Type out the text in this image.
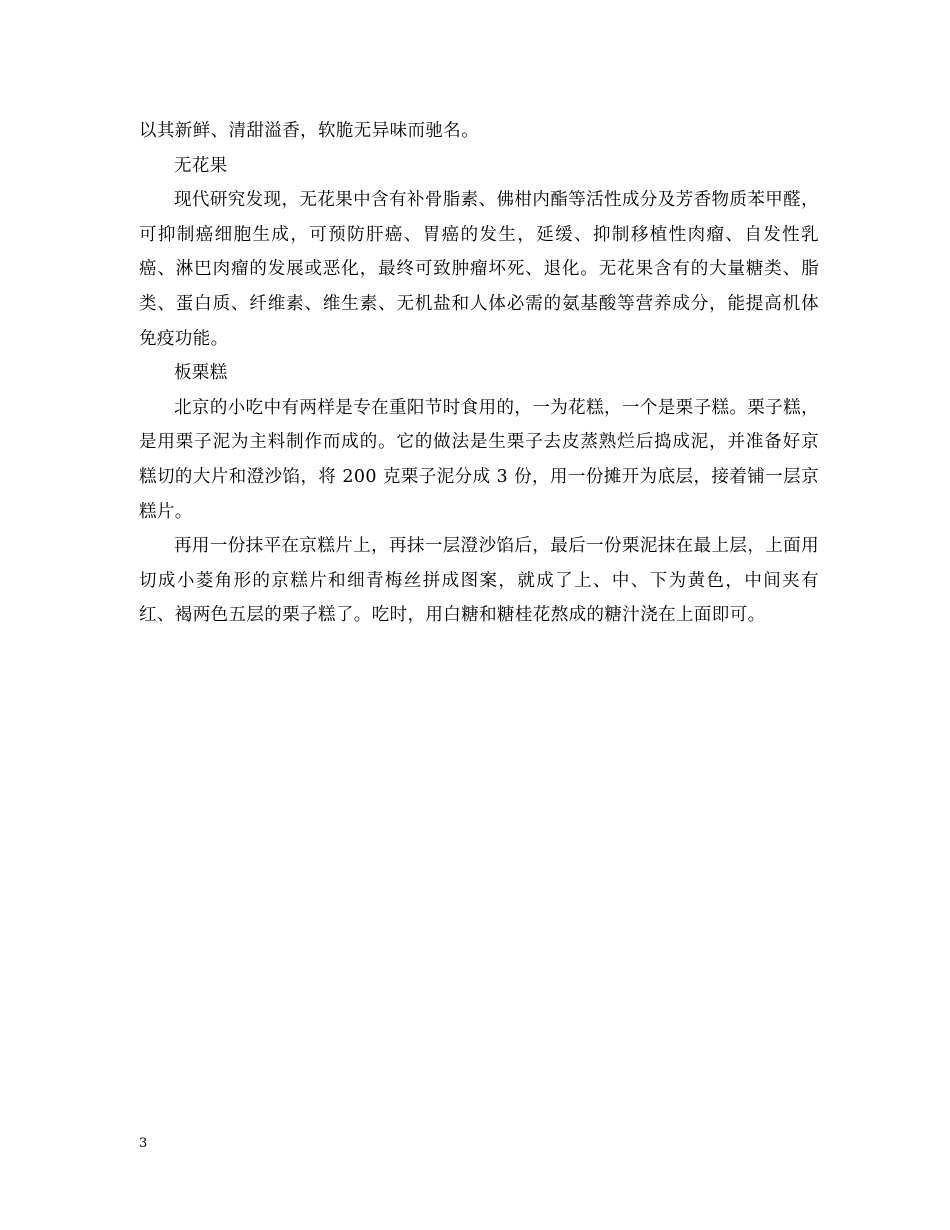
以其新鲜、清甜溢香，软脆无异味而驰名。

无花果

现代研究发现，无花果中含有补骨脂素、佛柑内酯等活性成分及芳香物质苯甲醛，可抑制癌细胞生成，可预防肝癌、胃癌的发生，延缓、抑制移植性肉瘤、自发性乳癌、淋巴肉瘤的发展或恶化，最终可致肿瘤坏死、退化。无花果含有的大量糖类、脂类、蛋白质、纤维素、维生素、无机盐和人体必需的氨基酸等营养成分，能提高机体免疫功能。

板栗糕

北京的小吃中有两样是专在重阳节时食用的，一为花糕，一个是栗子糕。栗子糕，是用栗子泥为主料制作而成的。它的做法是生栗子去皮蒸熟烂后捣成泥，并准备好京糕切的大片和澄沙馅，将 200 克栗子泥分成 3 份，用一份摊开为底层，接着铺一层京糕片。

再用一份抹平在京糕片上，再抹一层澄沙馅后，最后一份栗泥抹在最上层，上面用切成小菱角形的京糕片和细青梅丝拼成图案，就成了上、中、下为黄色，中间夹有红、褐两色五层的栗子糕了。吃时，用白糖和糖桂花熬成的糖汁浇在上面即可。

3
